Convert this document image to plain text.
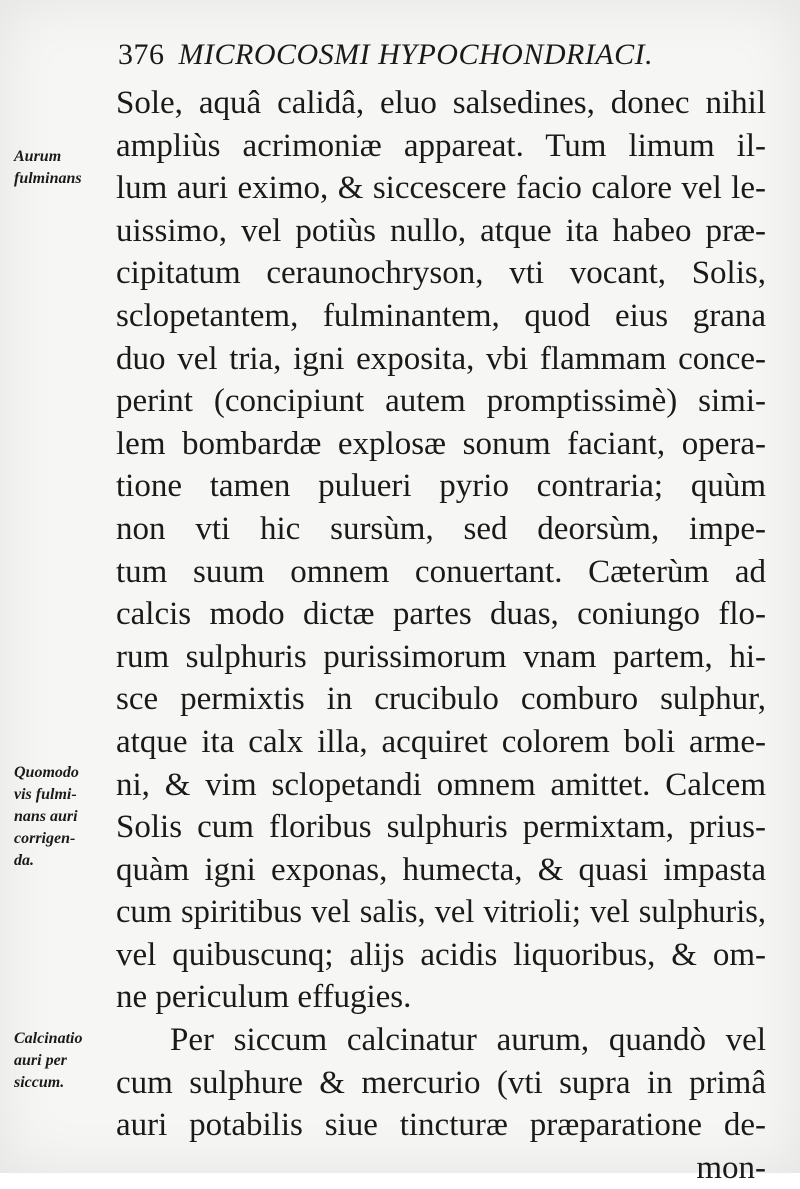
376 MICROCOSMI HYPOCHONDRIACI.
Sole, aquâ calidâ, eluo salsedines, donec nihil
ampliùs acrimoniæ appareat. Tum limum il-
lum auri eximo, & siccescere facio calore vel le-
uissimo, vel potiùs nullo, atque ita habeo præ-
cipitatum ceraunochryson, vti vocant, Solis,
sclopetantem, fulminantem, quod eius grana
duo vel tria, igni exposita, vbi flammam conce-
perint (concipiunt autem promptissimè) simi-
lem bombardæ explosæ sonum faciant, opera-
tione tamen pulueri pyrio contraria; quùm
non vti hic sursùm, sed deorsùm, impe-
tum suum omnem conuertant. Cæterùm ad
calcis modo dictæ partes duas, coniungo flo-
rum sulphuris purissimorum vnam partem, hi-
sce permixtis in crucibulo comburo sulphur,
atque ita calx illa, acquiret colorem boli arme-
ni, & vim sclopetandi omnem amittet. Calcem
Solis cum floribus sulphuris permixtam, prius-
quàm igni exponas, humecta, & quasi impasta
cum spiritibus vel salis, vel vitrioli; vel sulphuris,
vel quibuscunq; alijs acidis liquoribus, & om-
ne periculum effugies.
Per siccum calcinatur aurum, quandò vel
cum sulphure & mercurio (vti supra in primâ
auri potabilis siue tincturæ præparatione de-
mon-
Aurum
fulminans
Quomodo
vis fulmi-
nans auri
corrigen-
da.
Calcinatio
auri per
siccum.
